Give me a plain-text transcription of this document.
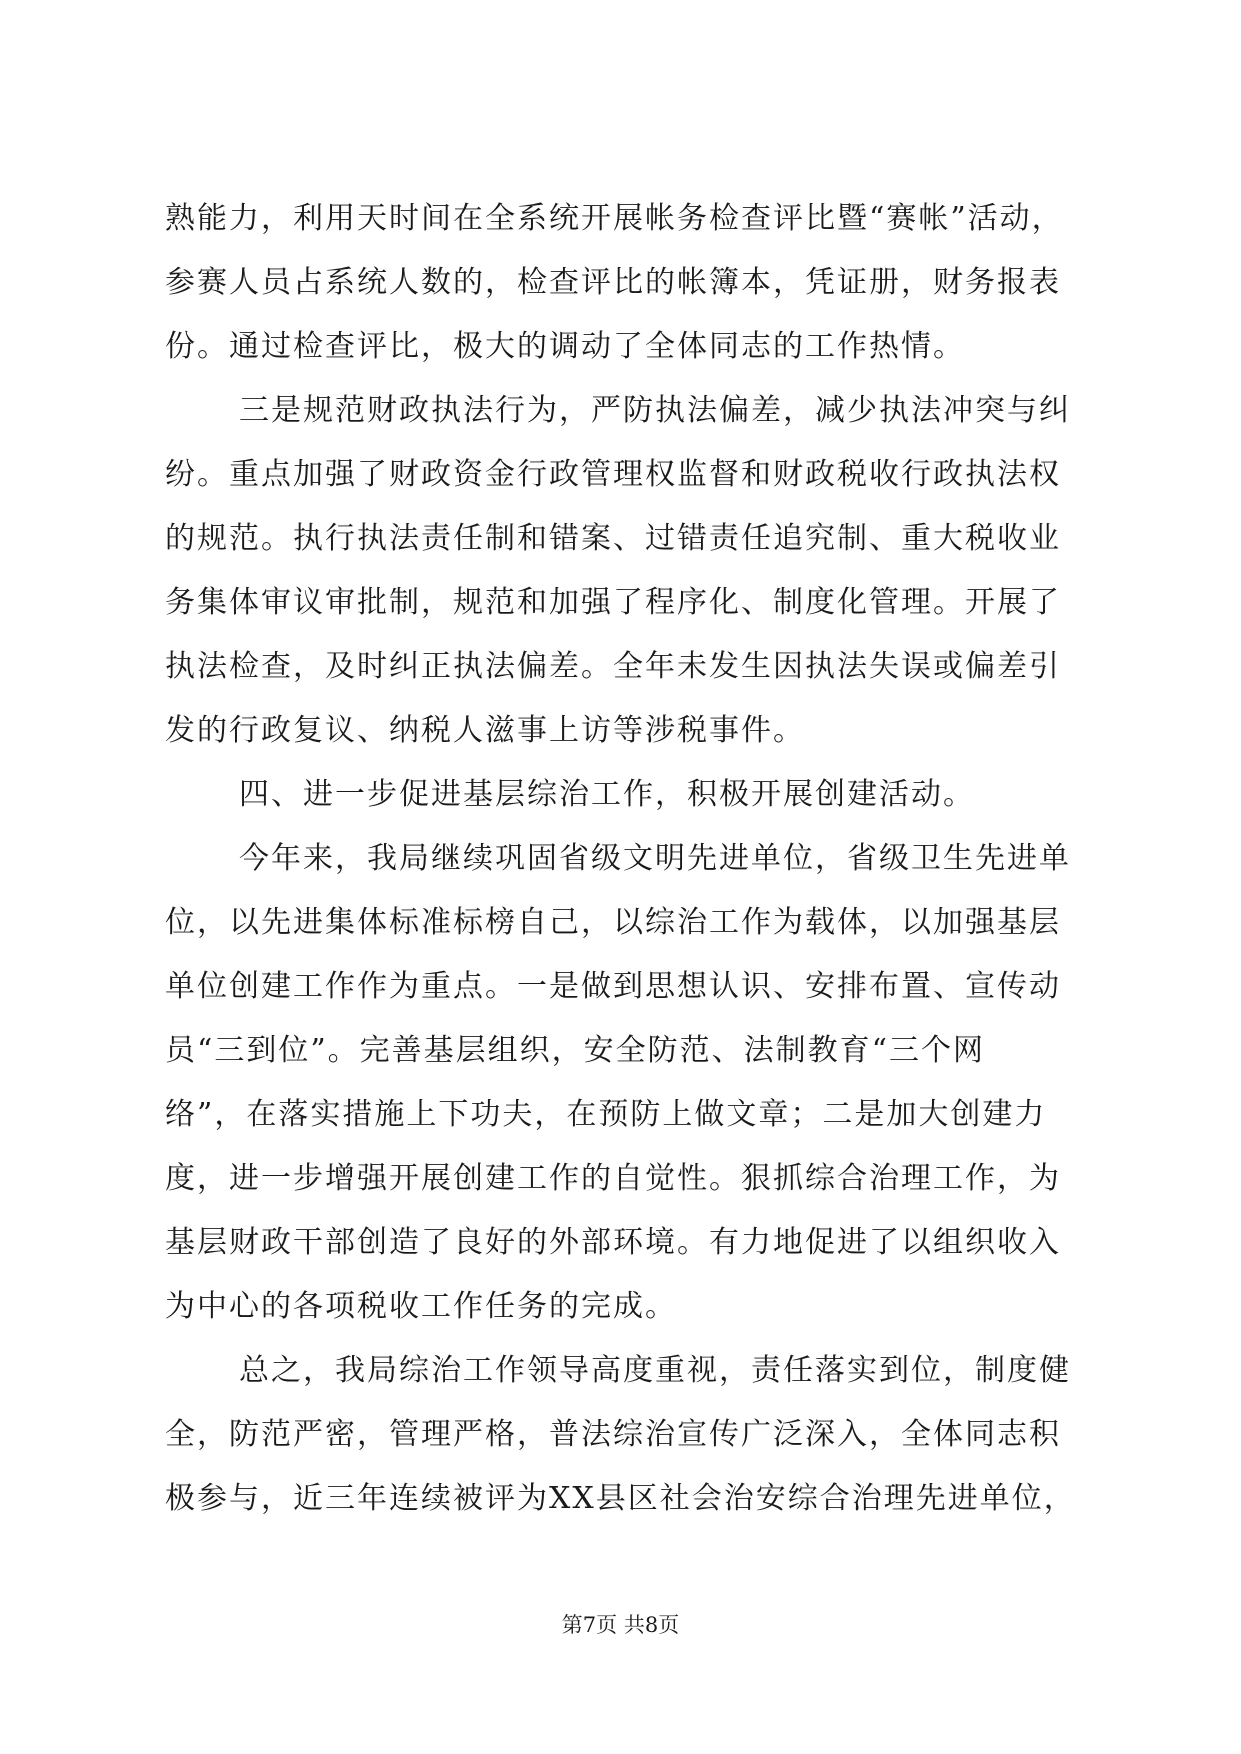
熟能力，利用天时间在全系统开展帐务检查评比暨“赛帐”活动，
参赛人员占系统人数的，检查评比的帐簿本，凭证册，财务报表
份。通过检查评比，极大的调动了全体同志的工作热情。
三是规范财政执法行为，严防执法偏差，减少执法冲突与纠
纷。重点加强了财政资金行政管理权监督和财政税收行政执法权
的规范。执行执法责任制和错案、过错责任追究制、重大税收业
务集体审议审批制，规范和加强了程序化、制度化管理。开展了
执法检查，及时纠正执法偏差。全年未发生因执法失误或偏差引
发的行政复议、纳税人滋事上访等涉税事件。
四、进一步促进基层综治工作，积极开展创建活动。
今年来，我局继续巩固省级文明先进单位，省级卫生先进单
位，以先进集体标准标榜自己，以综治工作为载体，以加强基层
单位创建工作作为重点。一是做到思想认识、安排布置、宣传动
员“三到位”。完善基层组织，安全防范、法制教育“三个网
络”，在落实措施上下功夫，在预防上做文章；二是加大创建力
度，进一步增强开展创建工作的自觉性。狠抓综合治理工作，为
基层财政干部创造了良好的外部环境。有力地促进了以组织收入
为中心的各项税收工作任务的完成。
总之，我局综治工作领导高度重视，责任落实到位，制度健
全，防范严密，管理严格，普法综治宣传广泛深入，全体同志积
极参与，近三年连续被评为XX县区社会治安综合治理先进单位，
第7页 共8页
